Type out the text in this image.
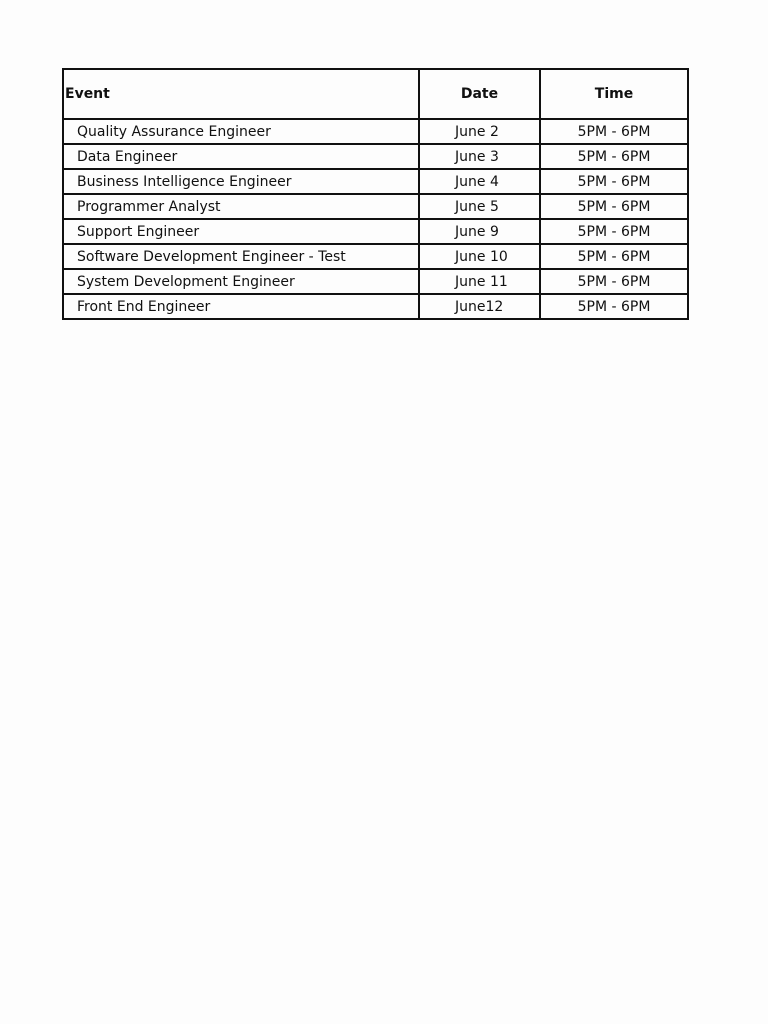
Event	Date	Time
Quality Assurance Engineer	June 2	5PM - 6PM
Data Engineer	June 3	5PM - 6PM
Business Intelligence Engineer	June 4	5PM - 6PM
Programmer Analyst	June 5	5PM - 6PM
Support Engineer	June 9	5PM - 6PM
Software Development Engineer - Test	June 10	5PM - 6PM
System Development Engineer	June 11	5PM - 6PM
Front End Engineer	June12	5PM - 6PM
